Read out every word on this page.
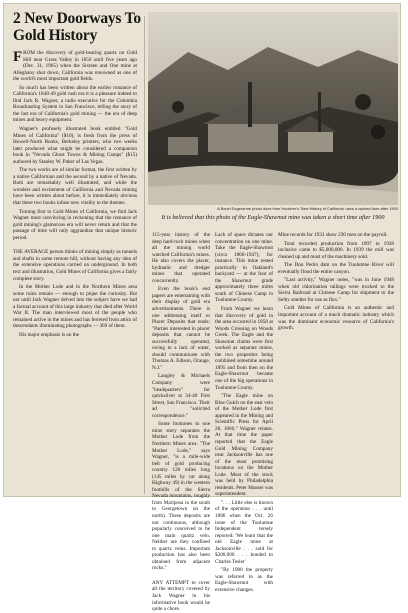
2 New Doorways To Gold History

FROM the discovery of gold-bearing quartz on Gold Hill near Grass Valley in 1850 until five years ago (Dec. 31, 1965) when the Sixteen and One mine at Alleghany shut down, California was renowned as one of the world's most important gold fields.

So much has been written about the earlier romance of California's 1848-49 gold rush era it is a pleasure indeed to find Jack R. Wagner, a radio executive for the Columbia Broadcasting System in San Francisco, telling the story of the last era of California's gold mining — the era of deep mines and heavy equipment.

Wagner's profusely illustrated book entitled "Gold Mines of California" ($10), is fresh from the press of Howell-North Books, Berkeley printers, who two weeks later produced what might be considered a companion book in "Nevada Ghost Towns & Mining Camps" ($15) authored by Stanley W. Paher of Las Vegas.

The two works are of similar format, the first written by a native Californian and the second by a native of Nevada. Both are remarkably well illustrated, and while the wonders and excitement of California and Nevada mining have been written about before, it is immediately obvious that these two books infuse new vitality to the themes.

Turning first to Gold Mines of California, we find Jack Wagner most convincing in reckoning that the romance of gold mining's glamorous era will never return and that the passage of time will only aggrandize that unique historic period.

THE AVERAGE person thinks of mining simply as tunnels and shafts in some remote hill, without having any idea of the extensive operations carried on underground. In both text and illustration, Gold Mines of California gives a fairly complete story.

In the Mother Lode and in the Northern Mines area some ruins remain — enough to pique the curiosity. But not until Jack Wagner delved into the subject have we had a factual account of this large industry that died after World War II. The man interviewed most of the people who remained active in the mines and has ferreted from attics of descendants illuminating photographs — 369 of them.

His major emphasis is on the

A Bonel Dogerarme photo does from Hoolerer's 'New History of California' uses a cached from after 1900
It is believed that this photo of the Eagle-Shawmut mine was taken a short time after 1900

115-year history of the deep hard-rock mines when all the mining world watched California's mines. He also covers the placer, hydraulic and dredger mines that operated concurrently.

Even the book's end papers are entertaining with their display of gold era advertisements. There is one addressing itself to Placer Deposits that reads: "Parties interested in placer deposits that cannot be successfully operated, owing to a lack of water, should communicate with Thomas A. Edison, Orange, N.J."

Langley & Michaels Company were "headquarters" for quicksilver at 34-40 First Street, San Francisco. Their ad "solicited correspondence."

Some footnotes to one mine story separates the Mother Lode from the Northern Mines area. "The Mother Lode," says Wagner, "is a mile-wide belt of gold producing country 120 miles long (145 miles by car along Highway 49) in the western foothills of the Sierra Nevada mountains, roughly from Mariposa in the south to Georgetown on the north). These deposits are not continuous, although popularly conceived to be one main quartz vein. Neither are they confined to quartz veins. Important production has also been obtained from adjacent rocks."

ANY ATTEMPT to cover all the territory covered by Jack Wagner in his informative book would be quite a chore.

Lack of space dictates our concentration on one mine. Take the Eagle-Shawmut (circa 1860-1947), for instance. This mine rested practically in Oakland's backyard — at the foot of the Shawmut grade approximately three miles south of Chinese Camp in Tuolumne County.

From Wagner we learn that discovery of gold in the area occurred in 1858 at Woods Crossing on Woods Creek. The Eagle and the Shawmut claims were first worked as separate mines, the two properties being combined sometime around 1895 and from then on the Eagle-Shawmut became one of the big operations in Tuolumne County.

"The Eagle mine on Blue Gulch on the east vein of the Mother Lode first appeared in the Mining and Scientific Press for April 28, 1866," Wagner relates. At that time the paper reported that the Eagle Gold Mining Company near Jacksonville has one of the most promising locations on the Mother Lode. Most of the stock was held by Philadelphia residents. Peter Musser was superintendent.

". . . Little else is known of the operation . . . until 1886 when the Oct. 26 issue of the Tuolumne Independent tersely reported: 'We learn that the old Eagle mine at Jacksonville . . . sold for $200,000 . . . bonded to Charles Tesler'

"By 1900 the property was referred to as the Eagle-Shawmut with extensive changes.

Mine records for 1931 show 230 men on the payroll.

Total recorded production from 1897 to 1938 inclusive came to $5,000,000. In 1939 the mill was cleaned up and most of the machinery sold.

The Don Pedro dam on the Tuolumne River will eventually flood the entire canyon.

"Last activity," Wagner notes, "was in June 1948 when old chlorination tailings were trucked to the Sierra Railroad at Chinese Camp for shipment to the Selby smelter for use as flux."

Gold Mines of California is an authentic and important account of a much dramatic industry which was the dominant economic resource of California's growth.
